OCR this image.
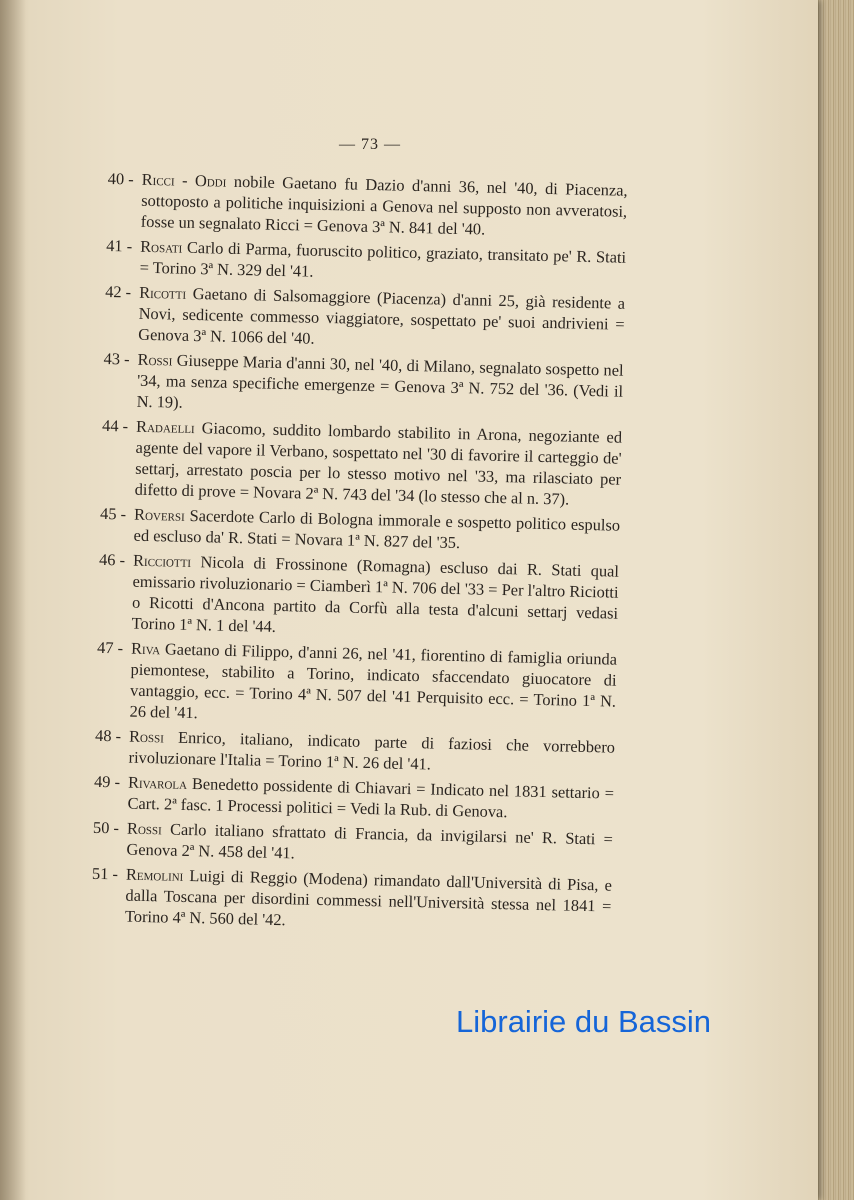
— 73 —
40 - Ricci - Oddi nobile Gaetano fu Dazio d'anni 36, nel '40, di Piacenza, sottoposto a politiche inquisizioni a Genova nel supposto non avveratosi, fosse un segnalato Ricci = Genova 3ª N. 841 del '40.
41 - Rosati Carlo di Parma, fuoruscito politico, graziato, transitato pe' R. Stati = Torino 3ª N. 329 del '41.
42 - Ricotti Gaetano di Salsomaggiore (Piacenza) d'anni 25, già residente a Novi, sedicente commesso viaggiatore, sospettato pe' suoi andrivieni = Genova 3ª N. 1066 del '40.
43 - Rossi Giuseppe Maria d'anni 30, nel '40, di Milano, segnalato sospetto nel '34, ma senza specifiche emergenze = Genova 3ª N. 752 del '36. (Vedi il N. 19).
44 - Radaelli Giacomo, suddito lombardo stabilito in Arona, negoziante ed agente del vapore il Verbano, sospettato nel '30 di favorire il carteggio de' settarj, arrestato poscia per lo stesso motivo nel '33, ma rilasciato per difetto di prove = Novara 2ª N. 743 del '34 (lo stesso che al n. 37).
45 - Roversi Sacerdote Carlo di Bologna immorale e sospetto politico espulso ed escluso da' R. Stati = Novara 1ª N. 827 del '35.
46 - Ricciotti Nicola di Frossinone (Romagna) escluso dai R. Stati qual emissario rivoluzionario = Ciamberì 1ª N. 706 del '33 = Per l'altro Riciotti o Ricotti d'Ancona partito da Corfù alla testa d'alcuni settarj vedasi Torino 1ª N. 1 del '44.
47 - Riva Gaetano di Filippo, d'anni 26, nel '41, fiorentino di famiglia oriunda piemontese, stabilito a Torino, indicato sfaccendato giuocatore di vantaggio, ecc. = Torino 4ª N. 507 del '41 Perquisito ecc. = Torino 1ª N. 26 del '41.
48 - Rossi Enrico, italiano, indicato parte di faziosi che vorrebbero rivoluzionare l'Italia = Torino 1ª N. 26 del '41.
49 - Rivarola Benedetto possidente di Chiavari = Indicato nel 1831 settario = Cart. 2ª fasc. 1 Processi politici = Vedi la Rub. di Genova.
50 - Rossi Carlo italiano sfrattato di Francia, da invigilarsi ne' R. Stati = Genova 2ª N. 458 del '41.
51 - Remolini Luigi di Reggio (Modena) rimandato dall'Università di Pisa, e dalla Toscana per disordini commessi nell'Università stessa nel 1841 = Torino 4ª N. 560 del '42.
Librairie du Bassin
